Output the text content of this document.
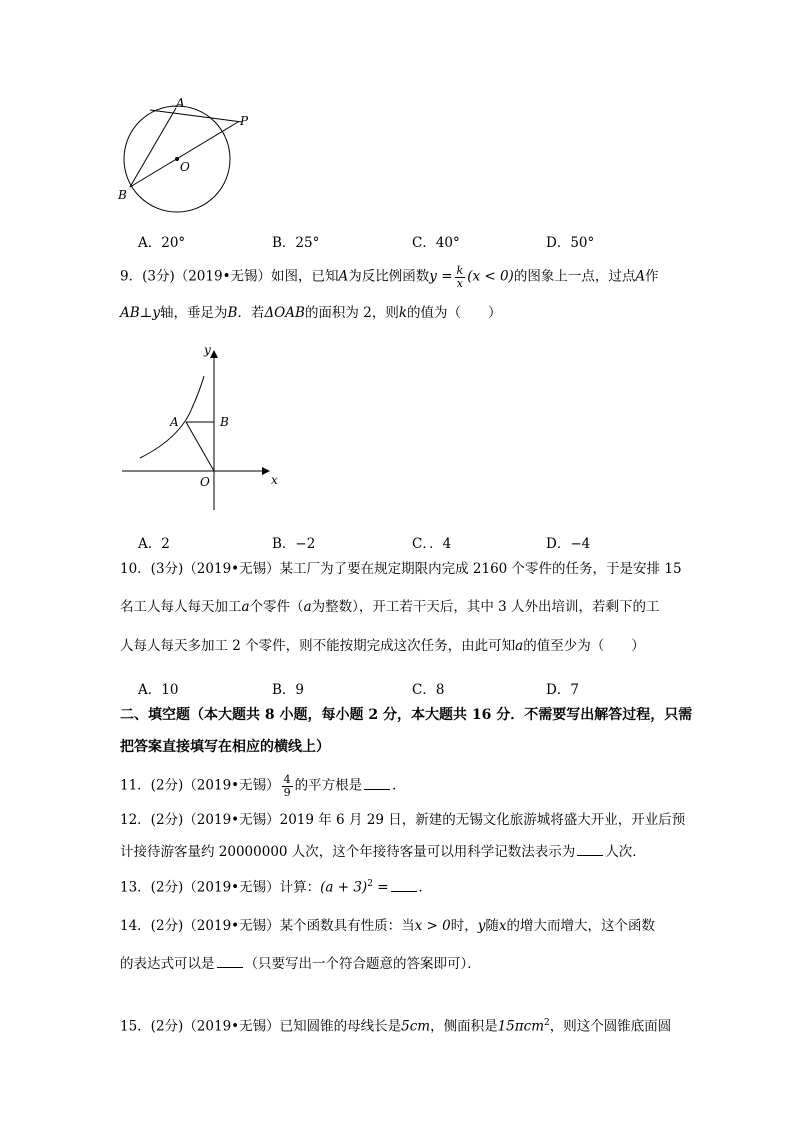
A
P
O
B
A．20°	B．25°	C．40°	D．50°
9．(3分)（2019•无锡）如图，已知A为反比例函数$y = \frac{k}{x} (x < 0)$的图象上一点，过点A作
AB⊥y轴，垂足为B．若ΔOAB的面积为 2，则k的值为（　　）
y
A	B
O	x
A．2	B．−2	C．．4	D．−4
10．(3分)（2019•无锡）某工厂为了要在规定期限内完成 2160 个零件的任务，于是安排 15
名工人每人每天加工a个零件（a为整数），开工若干天后，其中 3 人外出培训，若剩下的工
人每人每天多加工 2 个零件，则不能按期完成这次任务，由此可知a的值至少为（　　）
A．10	B．9	C．8	D．7
二、填空题（本大题共 8 小题，每小题 2 分，本大题共 16 分．不需要写出解答过程，只需
把答案直接填写在相应的横线上）
11．(2分)（2019•无锡） $\frac{4}{9}$ 的平方根是 ．
12．(2分)（2019•无锡）2019 年 6 月 29 日，新建的无锡文化旅游城将盛大开业，开业后预
计接待游客量约 20000000 人次，这个年接待客量可以用科学记数法表示为 人次．
13．(2分)（2019•无锡）计算：$(a + 3)^2$ = ．
14．(2分)（2019•无锡）某个函数具有性质：当x > 0时，y随x的增大而增大，这个函数
的表达式可以是 （只要写出一个符合题意的答案即可）．
15．(2分)（2019•无锡）已知圆锥的母线长是5cm，侧面积是15πcm$^2$，则这个圆锥底面圆
